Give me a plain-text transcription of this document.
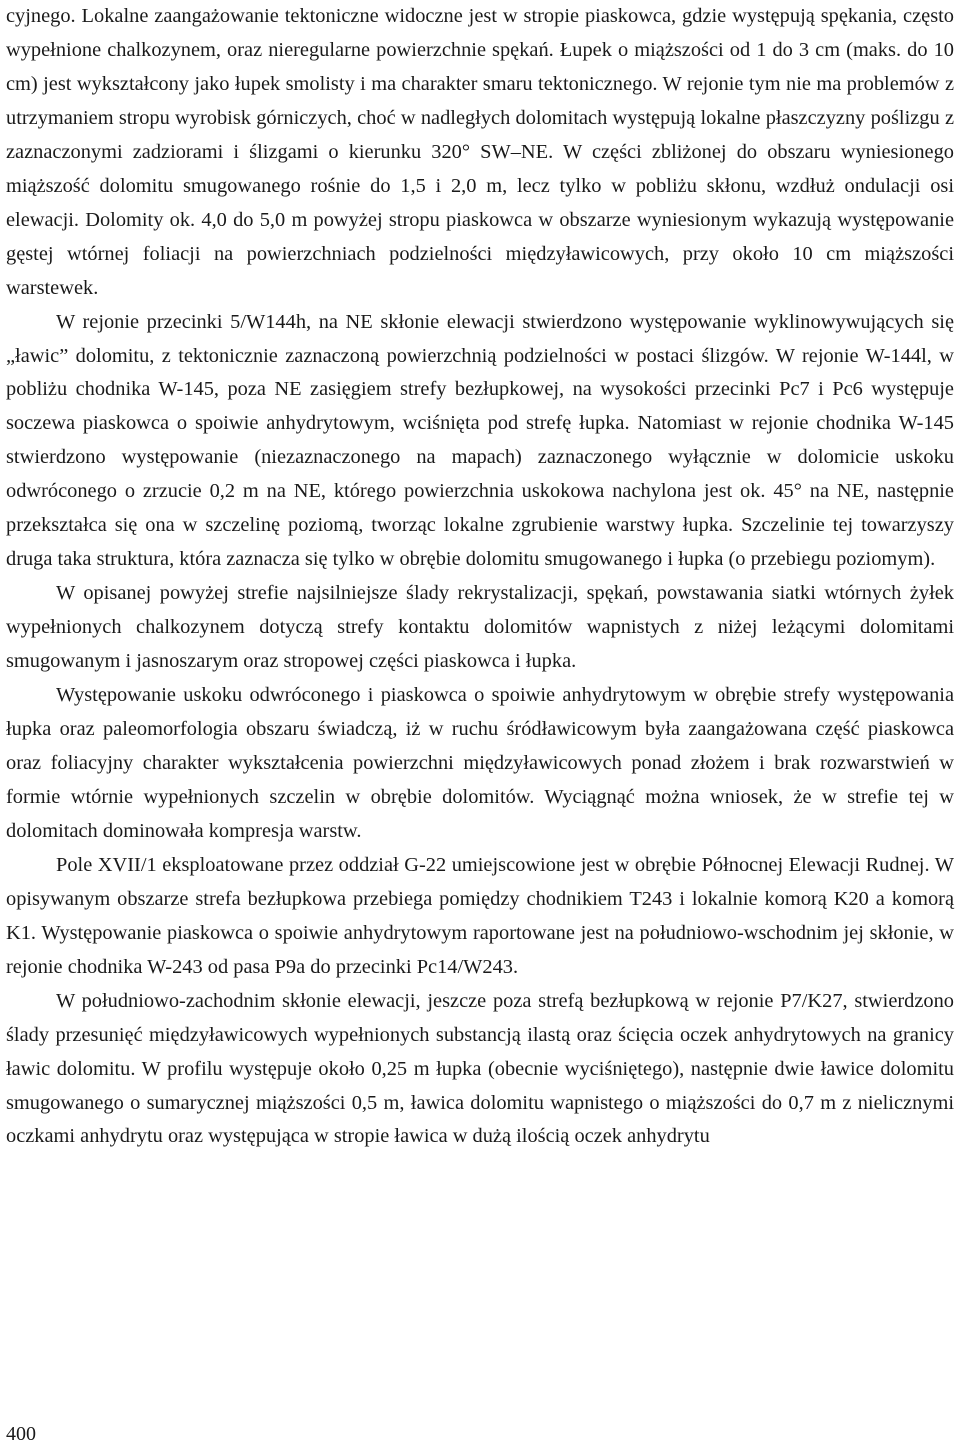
cyjnego. Lokalne zaangażowanie tektoniczne widoczne jest w stropie piaskowca, gdzie występują spękania, często wypełnione chalkozynem, oraz nieregularne powierzchnie spękań. Łupek o miąższości od 1 do 3 cm (maks. do 10 cm) jest wykształcony jako łupek smolisty i ma charakter smaru tektonicznego. W rejonie tym nie ma problemów z utrzymaniem stropu wyrobisk górniczych, choć w nadległych dolomitach występują lokalne płaszczyzny poślizgu z zaznaczonymi zadziorami i ślizgami o kierunku 320° SW–NE. W części zbliżonej do obszaru wyniesionego miąższość dolomitu smugowanego rośnie do 1,5 i 2,0 m, lecz tylko w pobliżu skłonu, wzdłuż ondulacji osi elewacji. Dolomity ok. 4,0 do 5,0 m powyżej stropu piaskowca w obszarze wyniesionym wykazują występowanie gęstej wtórnej foliacji na powierzchniach podzielności międzyławicowych, przy około 10 cm miąższości warstewek.

W rejonie przecinki 5/W144h, na NE skłonie elewacji stwierdzono występowanie wyklinowywujących się „ławic” dolomitu, z tektonicznie zaznaczoną powierzchnią podzielności w postaci ślizgów. W rejonie W-144l, w pobliżu chodnika W-145, poza NE zasięgiem strefy bezłupkowej, na wysokości przecinki Pc7 i Pc6 występuje soczewa piaskowca o spoiwie anhydrytowym, wciśnięta pod strefę łupka. Natomiast w rejonie chodnika W-145 stwierdzono występowanie (niezaznaczonego na mapach) zaznaczonego wyłącznie w dolomicie uskoku odwróconego o zrzucie 0,2 m na NE, którego powierzchnia uskokowa nachylona jest ok. 45° na NE, następnie przekształca się ona w szczelinę poziomą, tworząc lokalne zgrubienie warstwy łupka. Szczelinie tej towarzyszy druga taka struktura, która zaznacza się tylko w obrębie dolomitu smugowanego i łupka (o przebiegu poziomym).

W opisanej powyżej strefie najsilniejsze ślady rekrystalizacji, spękań, powstawania siatki wtórnych żyłek wypełnionych chalkozynem dotyczą strefy kontaktu dolomitów wapnistych z niżej leżącymi dolomitami smugowanym i jasnoszarym oraz stropowej części piaskowca i łupka.

Występowanie uskoku odwróconego i piaskowca o spoiwie anhydrytowym w obrębie strefy występowania łupka oraz paleomorfologia obszaru świadczą, iż w ruchu śródławicowym była zaangażowana część piaskowca oraz foliacyjny charakter wykształcenia powierzchni międzyławicowych ponad złożem i brak rozwarstwień w formie wtórnie wypełnionych szczelin w obrębie dolomitów. Wyciągnąć można wniosek, że w strefie tej w dolomitach dominowała kompresja warstw.

Pole XVII/1 eksploatowane przez oddział G-22 umiejscowione jest w obrębie Północnej Elewacji Rudnej. W opisywanym obszarze strefa bezłupkowa przebiega pomiędzy chodnikiem T243 i lokalnie komorą K20 a komorą K1. Występowanie piaskowca o spoiwie anhydrytowym raportowane jest na południowo-wschodnim jej skłonie, w rejonie chodnika W-243 od pasa P9a do przecinki Pc14/W243.

W południowo-zachodnim skłonie elewacji, jeszcze poza strefą bezłupkową w rejonie P7/K27, stwierdzono ślady przesunięć międzyławicowych wypełnionych substancją ilastą oraz ścięcia oczek anhydrytowych na granicy ławic dolomitu. W profilu występuje około 0,25 m łupka (obecnie wyciśniętego), następnie dwie ławice dolomitu smugowanego o sumarycznej miąższości 0,5 m, ławica dolomitu wapnistego o miąższości do 0,7 m z nielicznymi oczkami anhydrytu oraz występująca w stropie ławica w dużą ilością oczek anhydrytu

400
